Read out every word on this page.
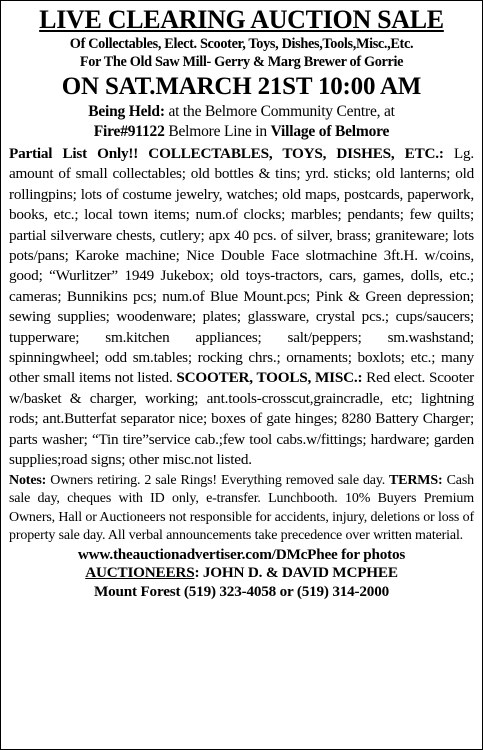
LIVE CLEARING AUCTION SALE
Of Collectables, Elect. Scooter, Toys, Dishes,Tools,Misc.,Etc.
For The Old Saw Mill- Gerry & Marg Brewer of Gorrie
ON SAT.MARCH 21ST 10:00 AM
Being Held: at the Belmore Community Centre, at
Fire#91122 Belmore Line in Village of Belmore
Partial List Only!! COLLECTABLES, TOYS, DISHES, ETC.: Lg. amount of small collectables; old bottles & tins; yrd. sticks; old lanterns; old rollingpins; lots of costume jewelry, watches; old maps, postcards, paperwork, books, etc.; local town items; num.of clocks; marbles; pendants; few quilts; partial silverware chests, cutlery; apx 40 pcs. of silver, brass; graniteware; lots pots/pans; Karoke machine; Nice Double Face slotmachine 3ft.H. w/coins, good; “Wurlitzer” 1949 Jukebox; old toys-tractors, cars, games, dolls, etc.; cameras; Bunnikins pcs; num.of Blue Mount.pcs; Pink & Green depression; sewing supplies; woodenware; plates; glassware, crystal pcs.; cups/saucers; tupperware; sm.kitchen appliances; salt/peppers; sm.washstand; spinningwheel; odd sm.tables; rocking chrs.; ornaments; boxlots; etc.; many other small items not listed. SCOOTER, TOOLS, MISC.: Red elect. Scooter w/basket & charger, working; ant.tools-crosscut,graincradle, etc; lightning rods; ant.Butterfat separator nice; boxes of gate hinges; 8280 Battery Charger; parts washer; “Tin tire”service cab.;few tool cabs.w/fittings; hardware; garden supplies;road signs; other misc.not listed.
Notes: Owners retiring. 2 sale Rings! Everything removed sale day. TERMS: Cash sale day, cheques with ID only, e-transfer. Lunchbooth. 10% Buyers Premium Owners, Hall or Auctioneers not responsible for accidents, injury, deletions or loss of property sale day. All verbal announcements take precedence over written material.
www.theauctionadvertiser.com/DMcPhee for photos
AUCTIONEERS: JOHN D. & DAVID MCPHEE
Mount Forest (519) 323-4058 or (519) 314-2000
